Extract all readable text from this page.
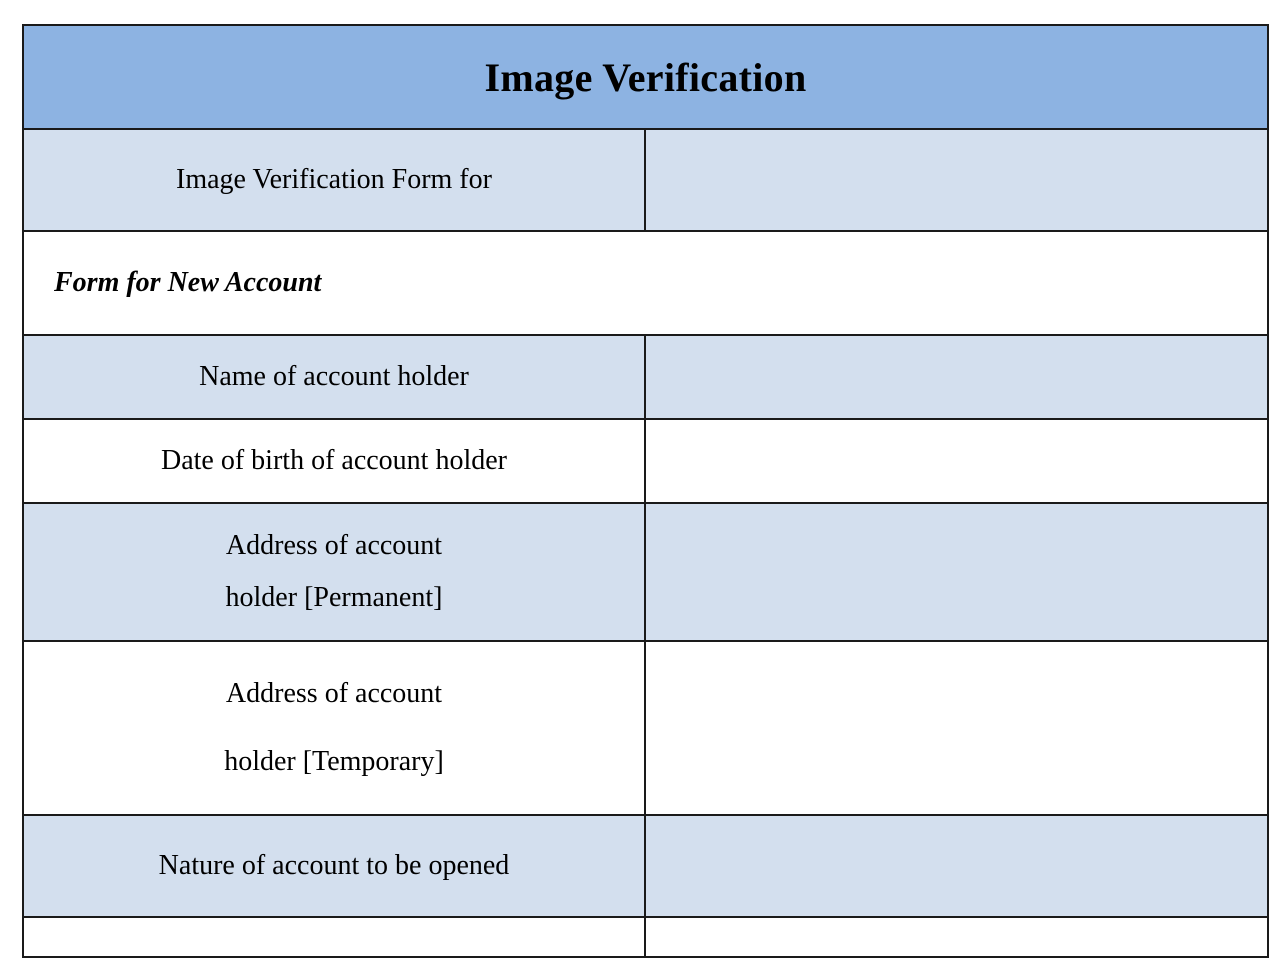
Image Verification	

Image Verification Form for	

Form for New Account	

Name of account holder	

Date of birth of account holder	

Address of account
holder [Permanent]	

Address of account
holder [Temporary]	

Nature of account to be opened	
